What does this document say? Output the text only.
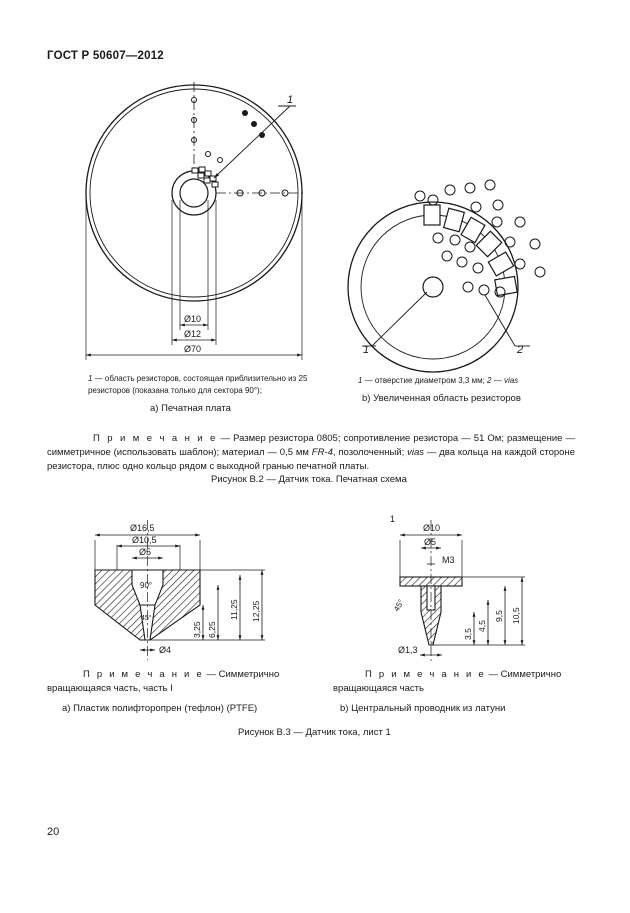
ГОСТ Р 50607—2012
1
Ø10
Ø12
Ø70	1	2
Ø16,5
Ø10,5
Ø5
90°
45°
Ø4
3,25 6,25
11,25 12,25
1
Ø10
Ø5
M3
45°
Ø1,3
3,5
4,5
9,5 10,5
1 — область резисторов, состоящая приблизительно из 25 резисторов (показана только для сектора 90°);
a) Печатная плата
1 — отверстие диаметром 3,3 мм; 2 — vias
b) Увеличенная область резисторов
П р и м е ч а н и е — Размер резистора 0805; сопротивление резистора — 51 Ом; размещение — симметричное (использовать шаблон); материал — 0,5 мм FR-4, позолоченный; vias — два кольца на каждой стороне резистора, плюс одно кольцо рядом с выходной гранью печатной платы.
Рисунок B.2 — Датчик тока. Печатная схема
П р и м е ч а н и е — Симметрично вращающаяся часть, часть I
a) Пластик полифторопрен (тефлон) (PTFE)
П р и м е ч а н и е — Симметрично вращающаяся часть
b) Центральный проводник из латуни
Рисунок B.3 — Датчик тока, лист 1
20
